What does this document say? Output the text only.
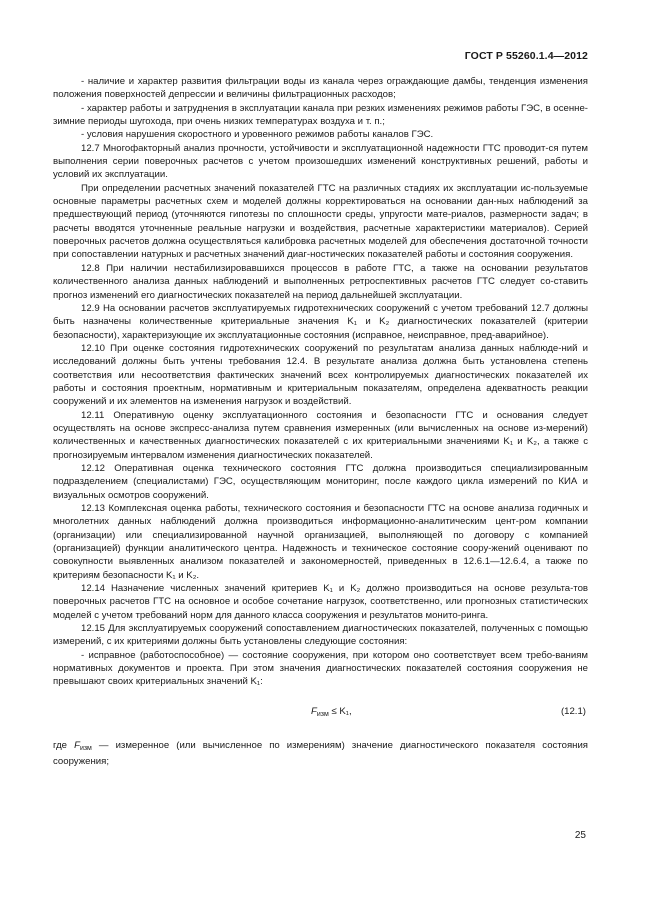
ГОСТ Р 55260.1.4—2012

- наличие и характер развития фильтрации воды из канала через ограждающие дамбы, тенденция изменения положения поверхностей депрессии и величины фильтрационных расходов;

- характер работы и затруднения в эксплуатации канала при резких изменениях режимов работы ГЭС, в осенне-зимние периоды шугохода, при очень низких температурах воздуха и т. п.;

- условия нарушения скоростного и уровенного режимов работы каналов ГЭС.

12.7 Многофакторный анализ прочности, устойчивости и эксплуатационной надежности ГТС проводит-ся путем выполнения серии поверочных расчетов с учетом произошедших изменений конструктивных решений, работы и условий их эксплуатации.

При определении расчетных значений показателей ГТС на различных стадиях их эксплуатации ис-пользуемые основные параметры расчетных схем и моделей должны корректироваться на основании дан-ных наблюдений за предшествующий период (уточняются гипотезы по сплошности среды, упругости мате-риалов, размерности задач; в расчеты вводятся уточненные реальные нагрузки и воздействия, расчетные характеристики материалов). Серией поверочных расчетов должна осуществляться калибровка расчетных моделей для обеспечения достаточной точности при сопоставлении натурных и расчетных значений диаг-ностических показателей работы и состояния сооружения.

12.8 При наличии нестабилизировавшихся процессов в работе ГТС, а также на основании результатов количественного анализа данных наблюдений и выполненных ретроспективных расчетов ГТС следует со-ставить прогноз изменений его диагностических показателей на период дальнейшей эксплуатации.

12.9 На основании расчетов эксплуатируемых гидротехнических сооружений с учетом требований 12.7 должны быть назначены количественные критериальные значения K₁ и K₂ диагностических показателей (критерии безопасности), характеризующие их эксплуатационные состояния (исправное, неисправное, пред-аварийное).

12.10 При оценке состояния гидротехнических сооружений по результатам анализа данных наблюде-ний и исследований должны быть учтены требования 12.4. В результате анализа должна быть установлена степень соответствия или несоответствия фактических значений всех контролируемых диагностических показателей их работы и состояния проектным, нормативным и критериальным показателям, определена адекватность реакции сооружений и их элементов на изменения нагрузок и воздействий.

12.11 Оперативную оценку эксплуатационного состояния и безопасности ГТС и основания следует осуществлять на основе экспресс-анализа путем сравнения измеренных (или вычисленных на основе из-мерений) количественных и качественных диагностических показателей с их критериальными значениями K₁ и K₂, а также с прогнозируемым интервалом изменения диагностических показателей.

12.12 Оперативная оценка технического состояния ГТС должна производиться специализированным подразделением (специалистами) ГЭС, осуществляющим мониторинг, после каждого цикла измерений по КИА и визуальных осмотров сооружений.

12.13 Комплексная оценка работы, технического состояния и безопасности ГТС на основе анализа годичных и многолетних данных наблюдений должна производиться информационно-аналитическим цент-ром компании (организации) или специализированной научной организацией, выполняющей по договору с компанией (организацией) функции аналитического центра. Надежность и техническое состояние соору-жений оценивают по совокупности выявленных анализом показателей и закономерностей, приведенных в 12.6.1—12.6.4, а также по критериям безопасности K₁ и K₂.

12.14 Назначение численных значений критериев K₁ и K₂ должно производиться на основе результа-тов поверочных расчетов ГТС на основное и особое сочетание нагрузок, соответственно, или прогнозных статистических моделей с учетом требований норм для данного класса сооружения и результатов монито-ринга.

12.15 Для эксплуатируемых сооружений сопоставлением диагностических показателей, полученных с помощью измерений, с их критериями должны быть установлены следующие состояния:

- исправное (работоспособное) — состояние сооружения, при котором оно соответствует всем требо-ваниям нормативных документов и проекта. При этом значения диагностических показателей состояния сооружения не превышают своих критериальных значений K₁:

$F_{изм} \le K_1$,	(12.1)

где $F_{изм}$ — измеренное (или вычисленное по измерениям) значение диагностического показателя состояния сооружения;

25
